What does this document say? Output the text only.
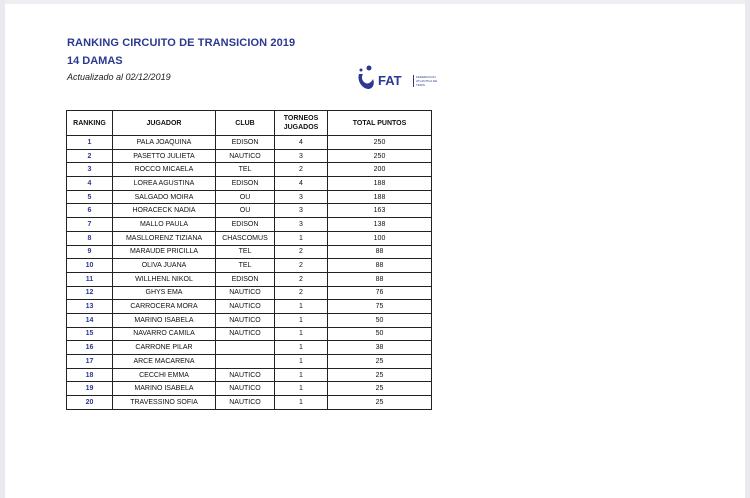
RANKING CIRCUITO DE TRANSICION 2019
14 DAMAS
Actualizado al 02/12/2019	FAT	FEDERACION ATLANTICA DE TENIS
RANKING	JUGADOR	CLUB	TORNEOS JUGADOS	TOTAL PUNTOS
1	PALA JOAQUINA	EDISON	4	250
2	PASETTO JULIETA	NAUTICO	3	250
3	ROCCO MICAELA	TEL	2	200
4	LOREA AGUSTINA	EDISON	4	188
5	SALGADO MOIRA	OU	3	188
6	HORACECK NADIA	OU	3	163
7	MALLO PAULA	EDISON	3	138
8	MASLLORENZ TIZIANA	CHASCOMUS	1	100
9	MARAUDE PRICILLA	TEL	2	88
10	OLIVA JUANA	TEL	2	88
11	WILLHENL NIKOL	EDISON	2	88
12	GHYS EMA	NAUTICO	2	76
13	CARROCERA MORA	NAUTICO	1	75
14	MARINO ISABELA	NAUTICO	1	50
15	NAVARRO CAMILA	NAUTICO	1	50
16	CARRONE PILAR		1	38
17	ARCE MACARENA		1	25
18	CECCHI EMMA	NAUTICO	1	25
19	MARINO ISABELA	NAUTICO	1	25
20	TRAVESSINO SOFIA	NAUTICO	1	25
